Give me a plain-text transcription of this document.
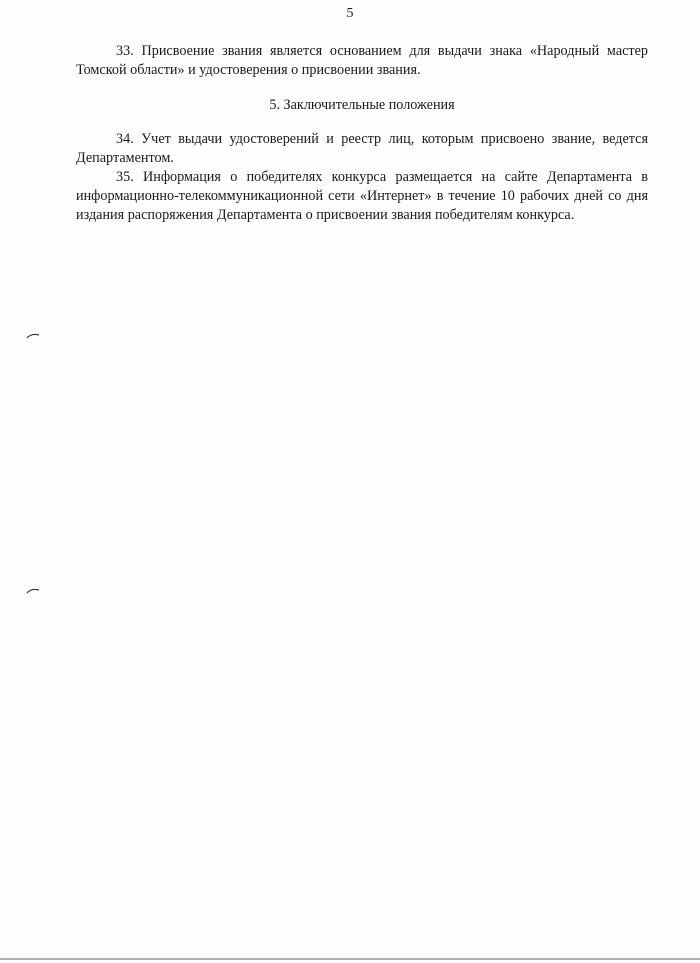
5

33. Присвоение звания является основанием для выдачи знака «Народный мастер Томской области» и удостоверения о присвоении звания.

5. Заключительные положения

34. Учет выдачи удостоверений и реестр лиц, которым присвоено звание, ведется Департаментом.

35. Информация о победителях конкурса размещается на сайте Департамента в информационно-телекоммуникационной сети «Интернет» в течение 10 рабочих дней со дня издания распоряжения Департамента о присвоении звания победителям конкурса.
